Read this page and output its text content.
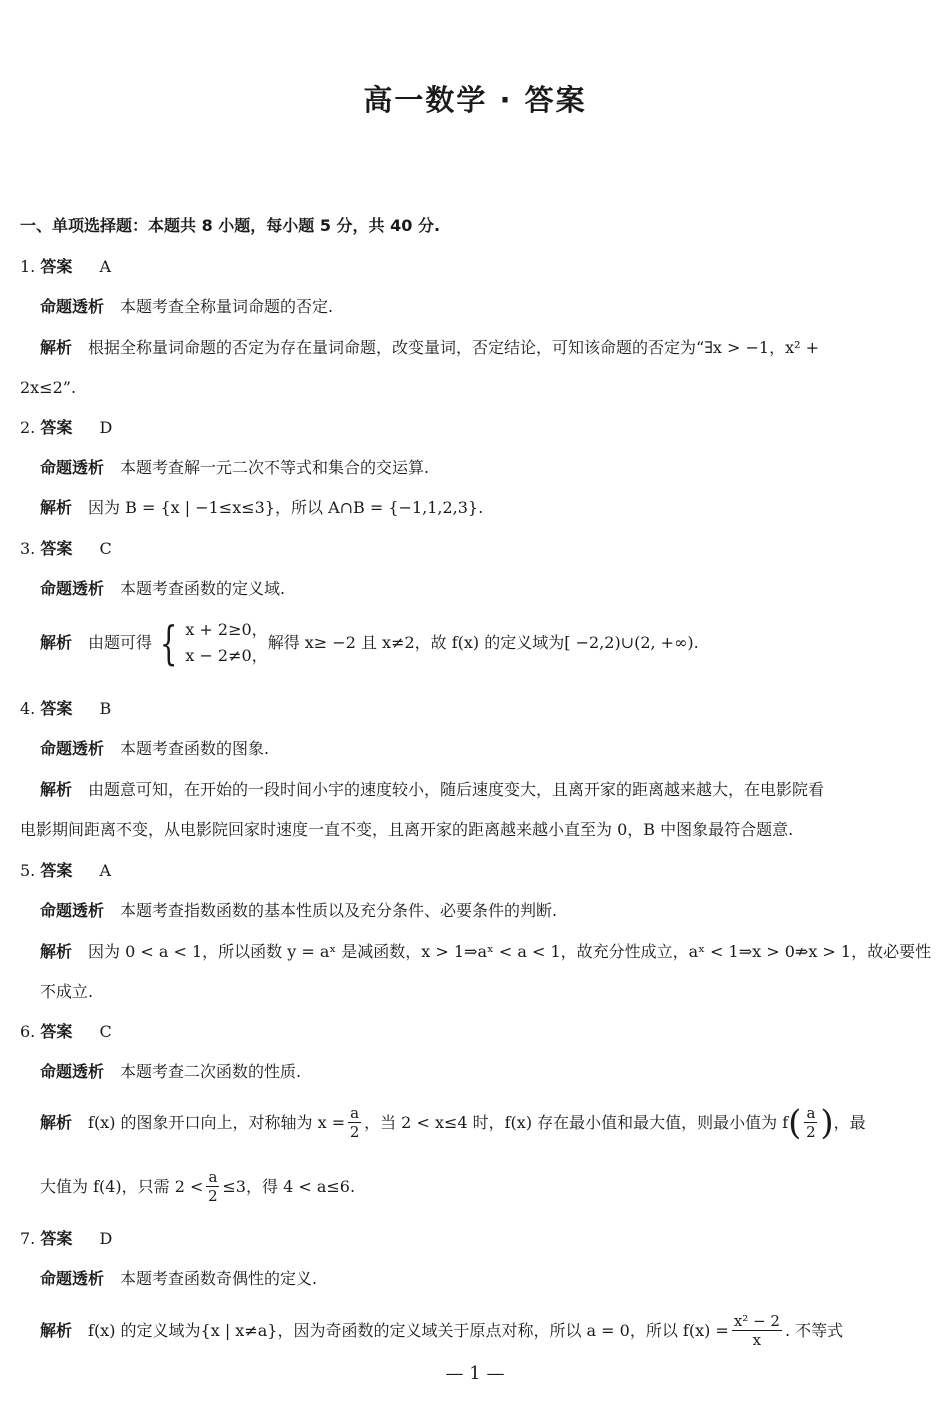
高一数学 · 答案
一、单项选择题：本题共 8 小题，每小题 5 分，共 40 分.
1. 答案 A
命题透析 本题考查全称量词命题的否定.
解析 根据全称量词命题的否定为存在量词命题，改变量词，否定结论，可知该命题的否定为“∃x > −1，x² +
2x≤2”.
2. 答案 D
命题透析 本题考查解一元二次不等式和集合的交运算.
解析 因为 B = {x | −1≤x≤3}，所以 A∩B = {−1,1,2,3}.
3. 答案 C
命题透析 本题考查函数的定义域.
解析 由题可得 { x + 2≥0，
x − 2≠0，
解得 x≥ −2 且 x≠2，故 f(x) 的定义域为[ −2,2)∪(2, +∞).
4. 答案 B
命题透析 本题考查函数的图象.
解析 由题意可知，在开始的一段时间小宇的速度较小，随后速度变大，且离开家的距离越来越大，在电影院看
电影期间距离不变，从电影院回家时速度一直不变，且离开家的距离越来越小直至为 0，B 中图象最符合题意.
5. 答案 A
命题透析 本题考查指数函数的基本性质以及充分条件、必要条件的判断.
解析 因为 0 < a < 1，所以函数 y = aˣ 是减函数，x > 1⇒aˣ < a < 1，故充分性成立，aˣ < 1⇒x > 0⇏x > 1，故必要性
不成立.
6. 答案 C
命题透析 本题考查二次函数的性质.
解析 f(x) 的图象开口向上，对称轴为 $x = \frac{a}{2}$ ，当 2 < x≤4 时，f(x) 存在最小值和最大值，则最小值为 f ( $\frac{a}{2}$ ) ，最
大值为 f(4)，只需 $2 < \frac{a}{2} \le 3$，得 4 < a≤6.
7. 答案 D
命题透析 本题考查函数奇偶性的定义.
解析 f(x) 的定义域为{x | x≠a}，因为奇函数的定义域关于原点对称，所以 a = 0，所以 $f(x) = \frac{\text{x² − 2}}{x}$ . 不等式
— 1 —
